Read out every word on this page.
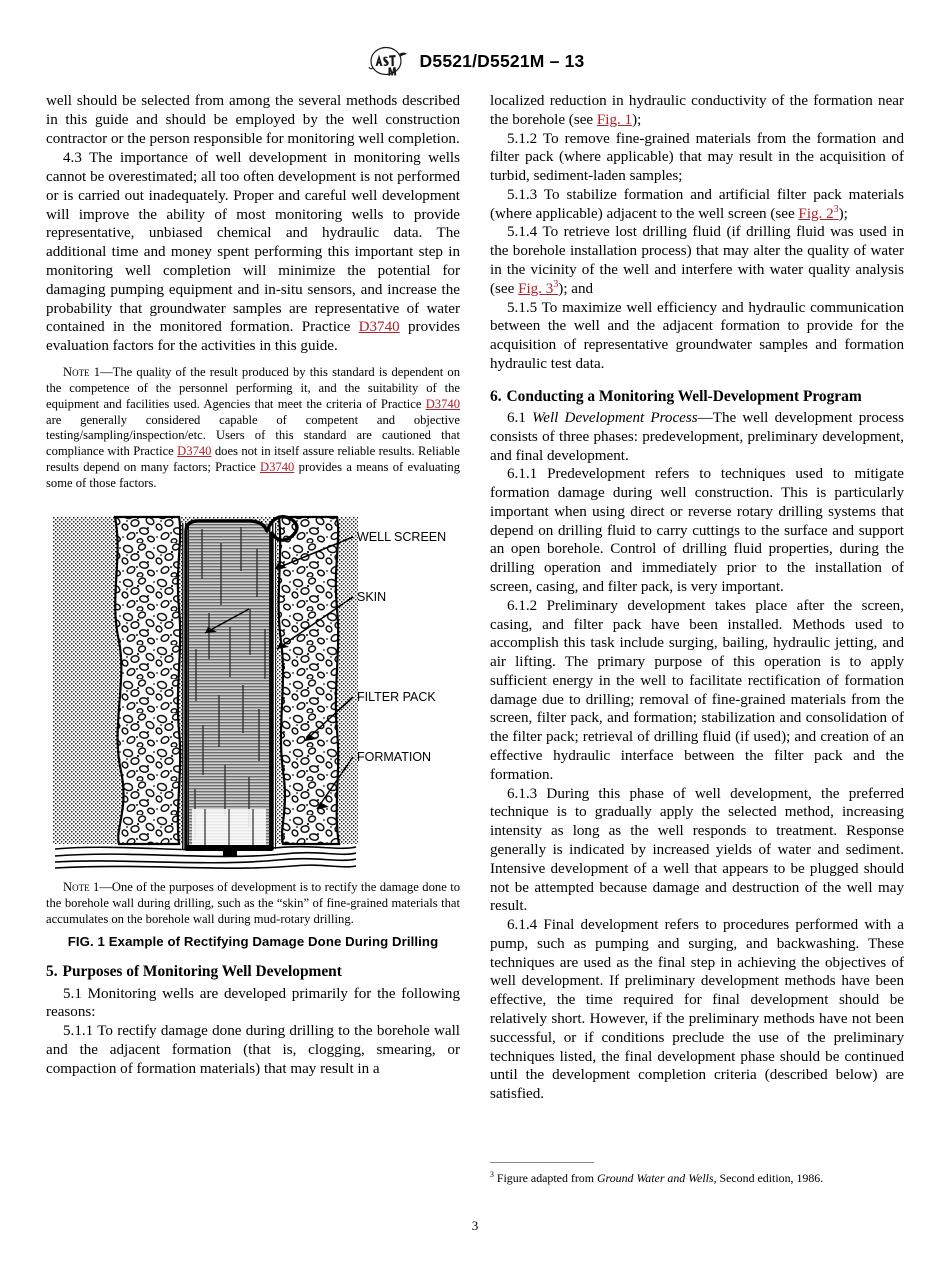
D5521/D5521M – 13

well should be selected from among the several methods described in this guide and should be employed by the well construction contractor or the person responsible for monitoring well completion.

4.3 The importance of well development in monitoring wells cannot be overestimated; all too often development is not performed or is carried out inadequately. Proper and careful well development will improve the ability of most monitoring wells to provide representative, unbiased chemical and hydraulic data. The additional time and money spent performing this important step in monitoring well completion will minimize the potential for damaging pumping equipment and in-situ sensors, and increase the probability that groundwater samples are representative of water contained in the monitored formation. Practice D3740 provides evaluation factors for the activities in this guide.

Note 1—The quality of the result produced by this standard is dependent on the competence of the personnel performing it, and the suitability of the equipment and facilities used. Agencies that meet the criteria of Practice D3740 are generally considered capable of competent and objective testing/sampling/inspection/etc. Users of this standard are cautioned that compliance with Practice D3740 does not in itself assure reliable results. Reliable results depend on many factors; Practice D3740 provides a means of evaluating some of those factors.

WELL SCREEN
SKIN
FILTER PACK
FORMATION

Note 1—One of the purposes of development is to rectify the damage done to the borehole wall during drilling, such as the “skin” of fine-grained materials that accumulates on the borehole wall during mud-rotary drilling.

FIG. 1 Example of Rectifying Damage Done During Drilling

5. Purposes of Monitoring Well Development

5.1 Monitoring wells are developed primarily for the following reasons:

5.1.1 To rectify damage done during drilling to the borehole wall and the adjacent formation (that is, clogging, smearing, or compaction of formation materials) that may result in a

localized reduction in hydraulic conductivity of the formation near the borehole (see Fig. 1);

5.1.2 To remove fine-grained materials from the formation and filter pack (where applicable) that may result in the acquisition of turbid, sediment-laden samples;

5.1.3 To stabilize formation and artificial filter pack materials (where applicable) adjacent to the well screen (see Fig. 2$^3$);

5.1.4 To retrieve lost drilling fluid (if drilling fluid was used in the borehole installation process) that may alter the quality of water in the vicinity of the well and interfere with water quality analysis (see Fig. 3$^3$); and

5.1.5 To maximize well efficiency and hydraulic communication between the well and the adjacent formation to provide for the acquisition of representative groundwater samples and formation hydraulic test data.

6. Conducting a Monitoring Well-Development Program

6.1 Well Development Process—The well development process consists of three phases: predevelopment, preliminary development, and final development.

6.1.1 Predevelopment refers to techniques used to mitigate formation damage during well construction. This is particularly important when using direct or reverse rotary drilling systems that depend on drilling fluid to carry cuttings to the surface and support an open borehole. Control of drilling fluid properties, during the drilling operation and immediately prior to the installation of screen, casing, and filter pack, is very important.

6.1.2 Preliminary development takes place after the screen, casing, and filter pack have been installed. Methods used to accomplish this task include surging, bailing, hydraulic jetting, and air lifting. The primary purpose of this operation is to apply sufficient energy in the well to facilitate rectification of formation damage due to drilling; removal of fine-grained materials from the screen, filter pack, and formation; stabilization and consolidation of the filter pack; retrieval of drilling fluid (if used); and creation of an effective hydraulic interface between the filter pack and the formation.

6.1.3 During this phase of well development, the preferred technique is to gradually apply the selected method, increasing intensity as long as the well responds to treatment. Response generally is indicated by increased yields of water and sediment. Intensive development of a well that appears to be plugged should not be attempted because damage and destruction of the well may result.

6.1.4 Final development refers to procedures performed with a pump, such as pumping and surging, and backwashing. These techniques are used as the final step in achieving the objectives of well development. If preliminary development methods have been effective, the time required for final development should be relatively short. However, if the preliminary methods have not been successful, or if conditions preclude the use of the preliminary techniques listed, the final development phase should be continued until the development completion criteria (described below) are satisfied.

$^3$ Figure adapted from Ground Water and Wells, Second edition, 1986.

3
